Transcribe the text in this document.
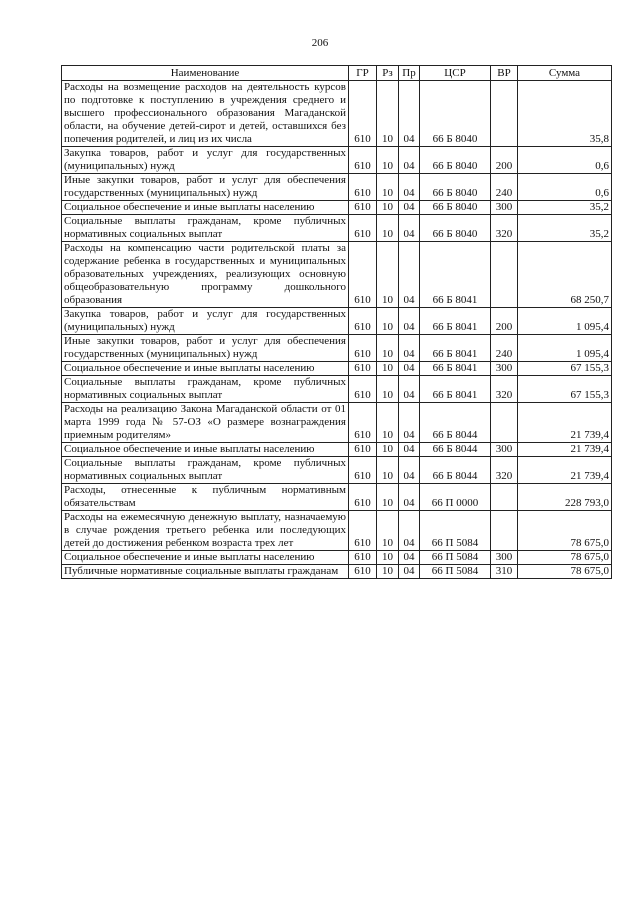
206
Наименование	ГР	Рз	Пр	ЦСР	ВР	Сумма
Расходы на возмещение расходов на деятельность курсов по подготовке к поступлению в учреждения среднего и высшего профессионального образования Магаданской области, на обучение детей-сирот и детей, оставшихся без попечения родителей, и лиц из их числа	610	10	04	66 Б 8040		35,8
Закупка товаров, работ и услуг для государственных (муниципальных) нужд	610	10	04	66 Б 8040	200	0,6
Иные закупки товаров, работ и услуг для обеспечения государственных (муниципальных) нужд	610	10	04	66 Б 8040	240	0,6
Социальное обеспечение и иные выплаты населению	610	10	04	66 Б 8040	300	35,2
Социальные выплаты гражданам, кроме публичных нормативных социальных выплат	610	10	04	66 Б 8040	320	35,2
Расходы на компенсацию части родительской платы за содержание ребенка в государственных и муниципальных образовательных учреждениях, реализующих основную общеобразовательную программу дошкольного образования	610	10	04	66 Б 8041		68 250,7
Закупка товаров, работ и услуг для государственных (муниципальных) нужд	610	10	04	66 Б 8041	200	1 095,4
Иные закупки товаров, работ и услуг для обеспечения государственных (муниципальных) нужд	610	10	04	66 Б 8041	240	1 095,4
Социальное обеспечение и иные выплаты населению	610	10	04	66 Б 8041	300	67 155,3
Социальные выплаты гражданам, кроме публичных нормативных социальных выплат	610	10	04	66 Б 8041	320	67 155,3
Расходы на реализацию Закона Магаданской области от 01 марта 1999 года № 57-ОЗ «О размере вознаграждения приемным родителям»	610	10	04	66 Б 8044		21 739,4
Социальное обеспечение и иные выплаты населению	610	10	04	66 Б 8044	300	21 739,4
Социальные выплаты гражданам, кроме публичных нормативных социальных выплат	610	10	04	66 Б 8044	320	21 739,4
Расходы, отнесенные к публичным нормативным обязательствам	610	10	04	66 П 0000		228 793,0
Расходы на ежемесячную денежную выплату, назначаемую в случае рождения третьего ребенка или последующих детей до достижения ребенком возраста трех лет	610	10	04	66 П 5084		78 675,0
Социальное обеспечение и иные выплаты населению	610	10	04	66 П 5084	300	78 675,0
Публичные нормативные социальные выплаты гражданам	610	10	04	66 П 5084	310	78 675,0
